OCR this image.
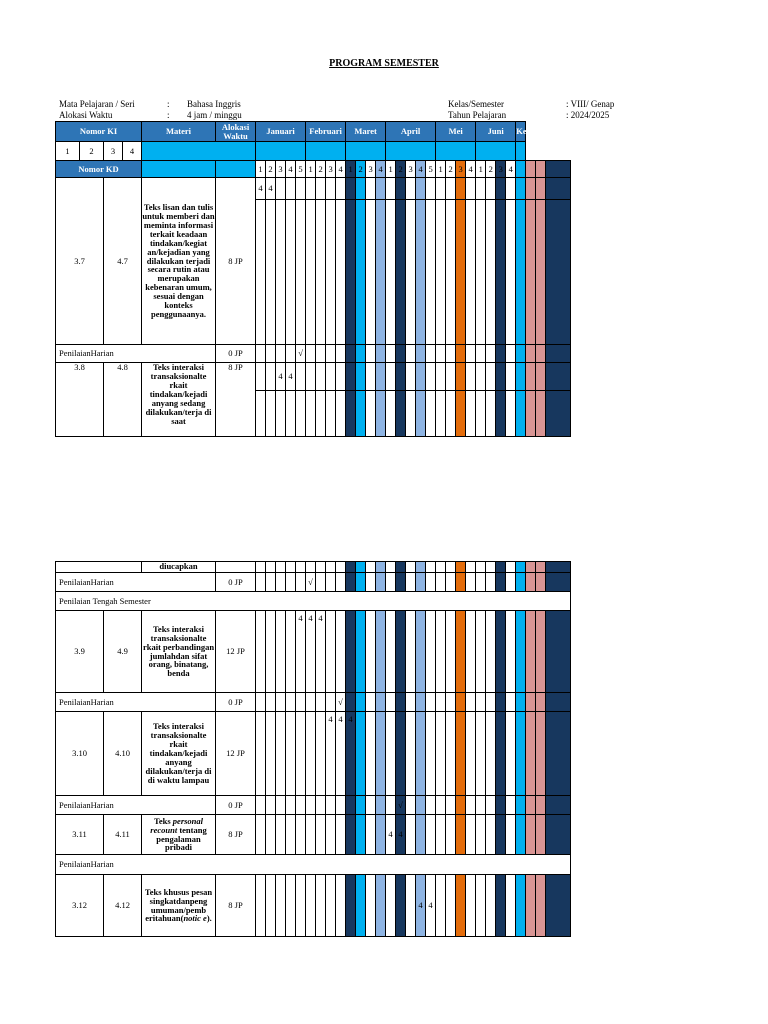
PROGRAM SEMESTER
Mata Pelajaran / Seri	: Bahasa Inggris
Alokasi Waktu	: 4 jam / minggu
Kelas/Semester	: VIII/ Genap
Tahun Pelajaran	: 2024/2025
Nomor KI				Materi	Alokasi Waktu	Januari					Februari				Maret				April					Mei				Juni				Ket				
1	2	3	4																																	
Nomor KD						1	2	3	4	5	1	2	3	4	1	2	3	4	1	2	3	4	5	1	2	3	4	1	2	3	4					
3.7		4.7		Teks lisan dan tulis untuk memberi dan meminta informasi terkait keadaan tindakan/kegiat an/kejadian yang dilakukan terjadi secara rutin atau merupakan kebenaran umum, sesuai dengan konteks penggunaanya.	8 JP	4	4																													

PenilaianHarian					0 JP					√																										
3.8		4.8		Teks interaksi transaksionalte rkait tindakan/kejadi anyang sedang dilakukan/terja di saat	8 JP			4	4																											

		diucapkan																																
PenilaianHarian			0 JP						√																									
Penilaian Tengah Semester																																		
3.9	4.9	Teks interaksi transaksionalte rkait perbandingan jumlahdan sifat orang, binatang, benda	12 JP					4	4	4																								
PenilaianHarian			0 JP									√																						
3.10	4.10	Teks interaksi transaksionalte rkait tindakan/kejadi anyang dilakukan/terja di di waktu lampau	12 JP								4	4	4																					
PenilaianHarian			0 JP															√																
3.11	4.11	Teks personal recount tentang pengalaman pribadi	8 JP														4	4																
PenilaianHarian																																		
3.12	4.12	Teks khusus pesan singkatdanpeng umuman/pemb eritahuan(notic e).	8 JP																	4	4													
